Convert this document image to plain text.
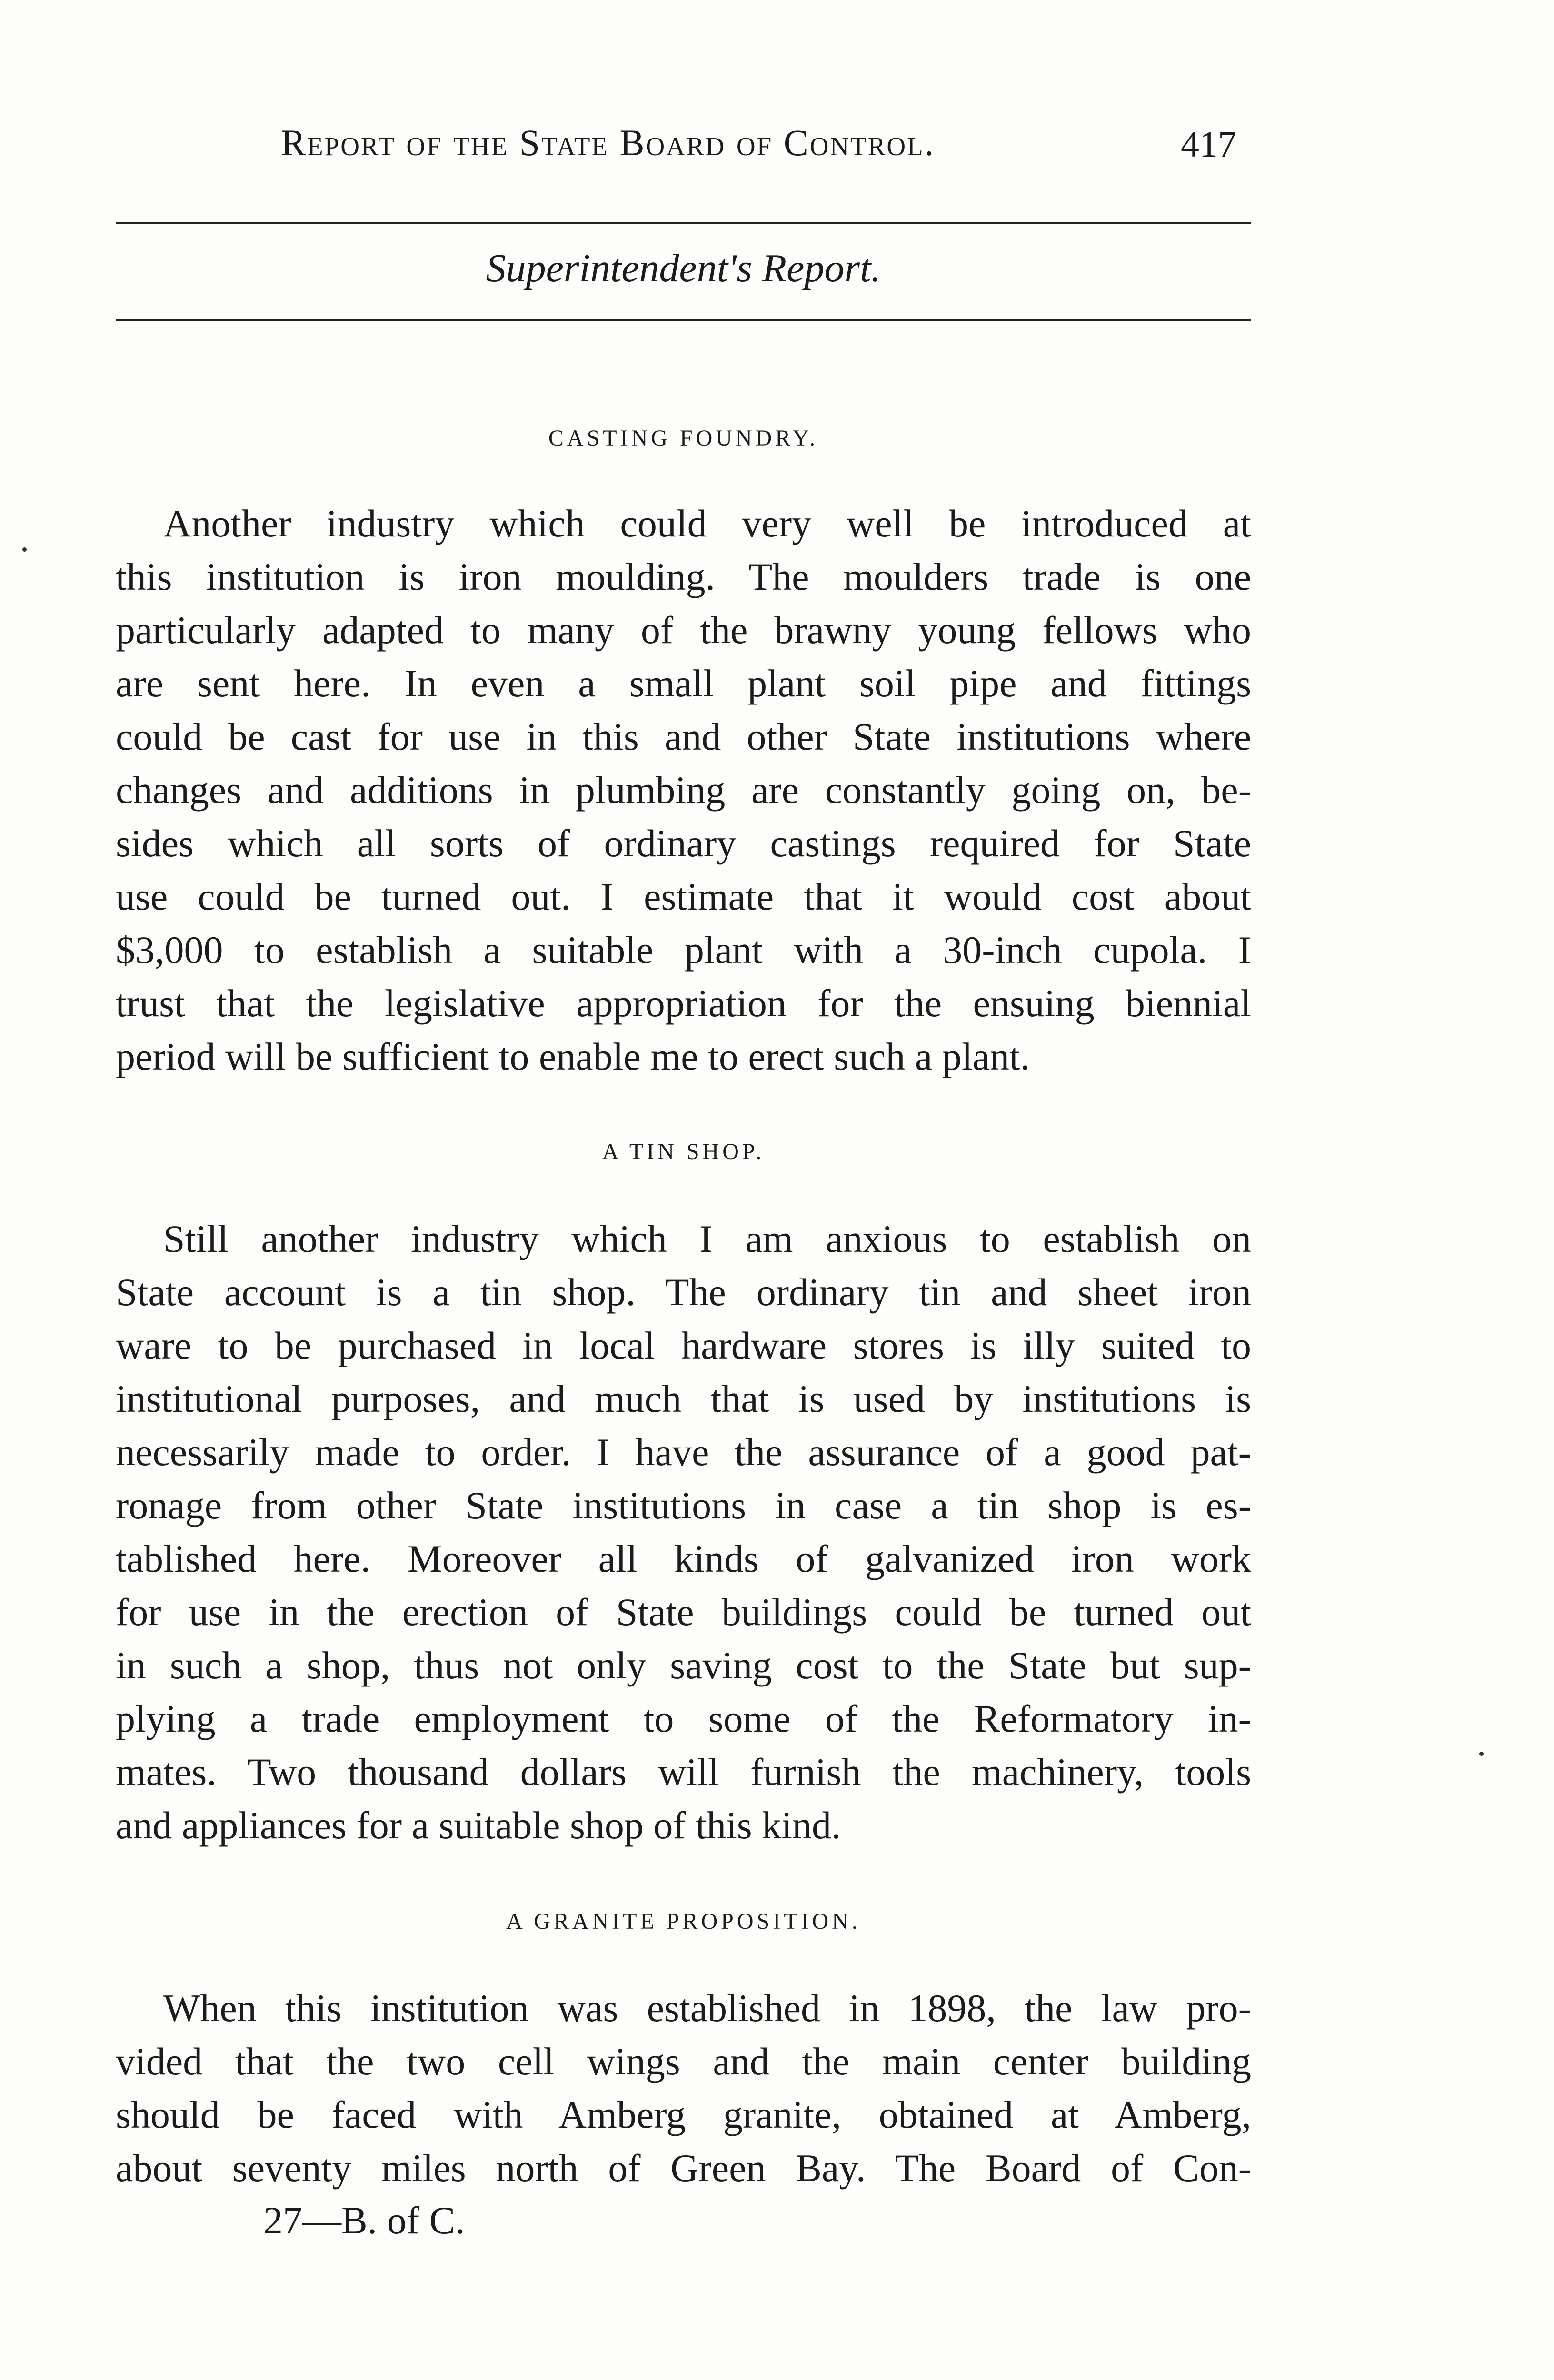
Report of the State Board of Control.	417
Superintendent's Report.
CASTING FOUNDRY.
Another industry which could very well be introduced at
this institution is iron moulding. The moulders trade is one
particularly adapted to many of the brawny young fellows who
are sent here. In even a small plant soil pipe and fittings
could be cast for use in this and other State institutions where
changes and additions in plumbing are constantly going on, be-
sides which all sorts of ordinary castings required for State
use could be turned out. I estimate that it would cost about
$3,000 to establish a suitable plant with a 30-inch cupola. I
trust that the legislative appropriation for the ensuing biennial
period will be sufficient to enable me to erect such a plant.
A TIN SHOP.
Still another industry which I am anxious to establish on
State account is a tin shop. The ordinary tin and sheet iron
ware to be purchased in local hardware stores is illy suited to
institutional purposes, and much that is used by institutions is
necessarily made to order. I have the assurance of a good pat-
ronage from other State institutions in case a tin shop is es-
tablished here. Moreover all kinds of galvanized iron work
for use in the erection of State buildings could be turned out
in such a shop, thus not only saving cost to the State but sup-
plying a trade employment to some of the Reformatory in-
mates. Two thousand dollars will furnish the machinery, tools
and appliances for a suitable shop of this kind.
A GRANITE PROPOSITION.
When this institution was established in 1898, the law pro-
vided that the two cell wings and the main center building
should be faced with Amberg granite, obtained at Amberg,
about seventy miles north of Green Bay. The Board of Con-
27—B. of C.
